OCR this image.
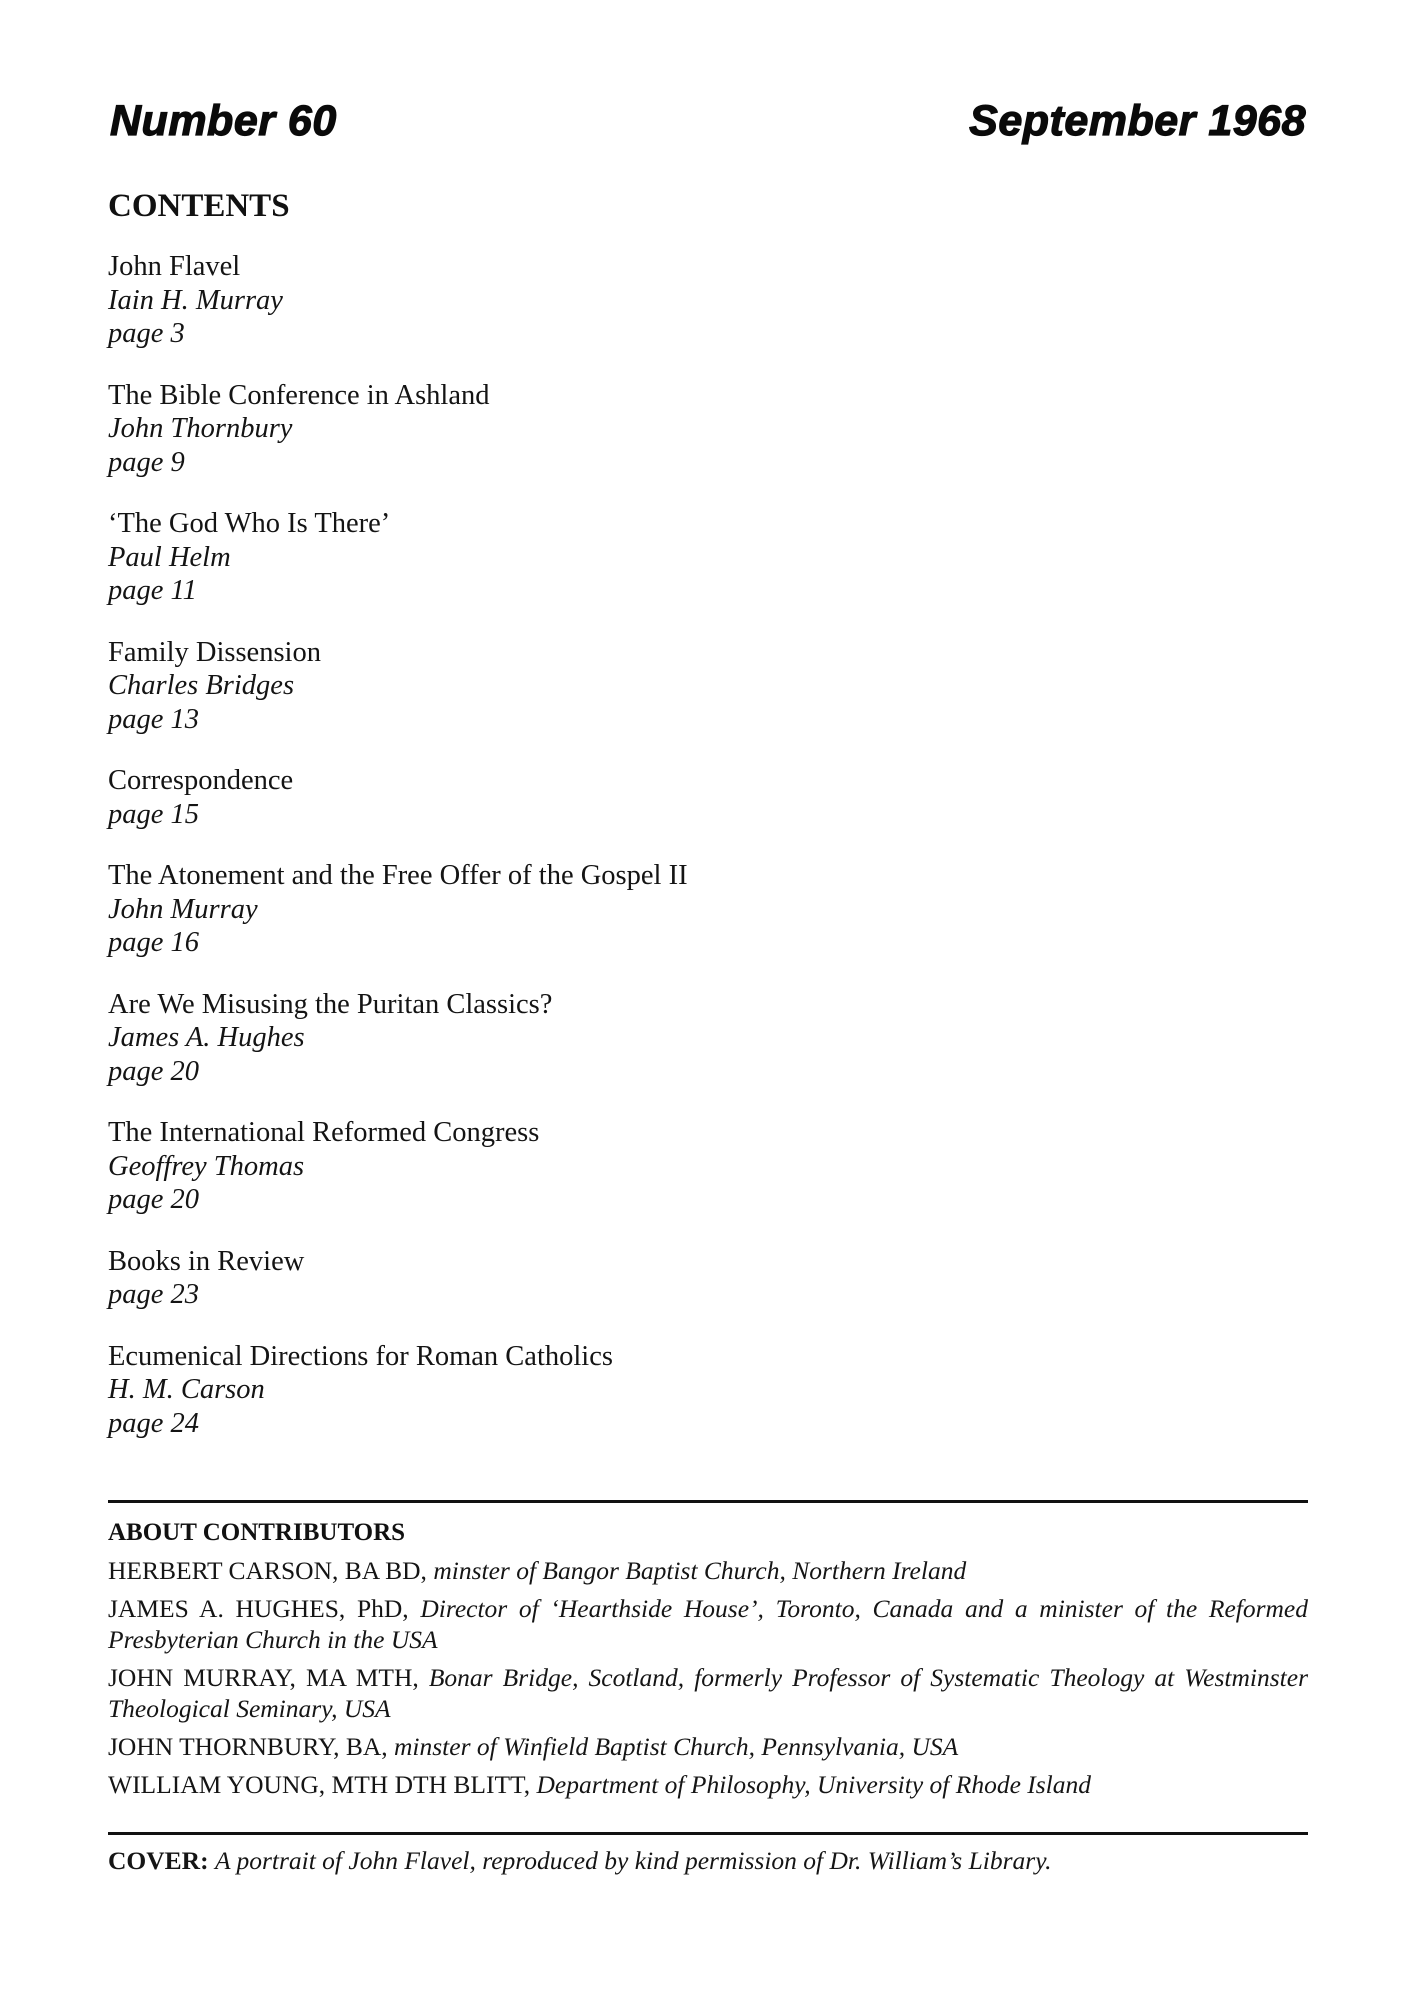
Number 60	September 1968
CONTENTS
John Flavel
Iain H. Murray
page 3
The Bible Conference in Ashland
John Thornbury
page 9
‘The God Who Is There’
Paul Helm
page 11
Family Dissension
Charles Bridges
page 13
Correspondence
page 15
The Atonement and the Free Offer of the Gospel II
John Murray
page 16
Are We Misusing the Puritan Classics?
James A. Hughes
page 20
The International Reformed Congress
Geoffrey Thomas
page 20
Books in Review
page 23
Ecumenical Directions for Roman Catholics
H. M. Carson
page 24
ABOUT CONTRIBUTORS

HERBERT CARSON, BA BD, minster of Bangor Baptist Church, Northern Ireland

JAMES A. HUGHES, PhD, Director of ‘Hearthside House’, Toronto, Canada and a minister of the Reformed Presbyterian Church in the USA

JOHN MURRAY, MA MTH, Bonar Bridge, Scotland, formerly Professor of Systematic Theology at Westminster Theological Seminary, USA

JOHN THORNBURY, BA, minster of Winfield Baptist Church, Pennsylvania, USA

WILLIAM YOUNG, MTH DTH BLITT, Department of Philosophy, University of Rhode Island

COVER: A portrait of John Flavel, reproduced by kind permission of Dr. William’s Library.
